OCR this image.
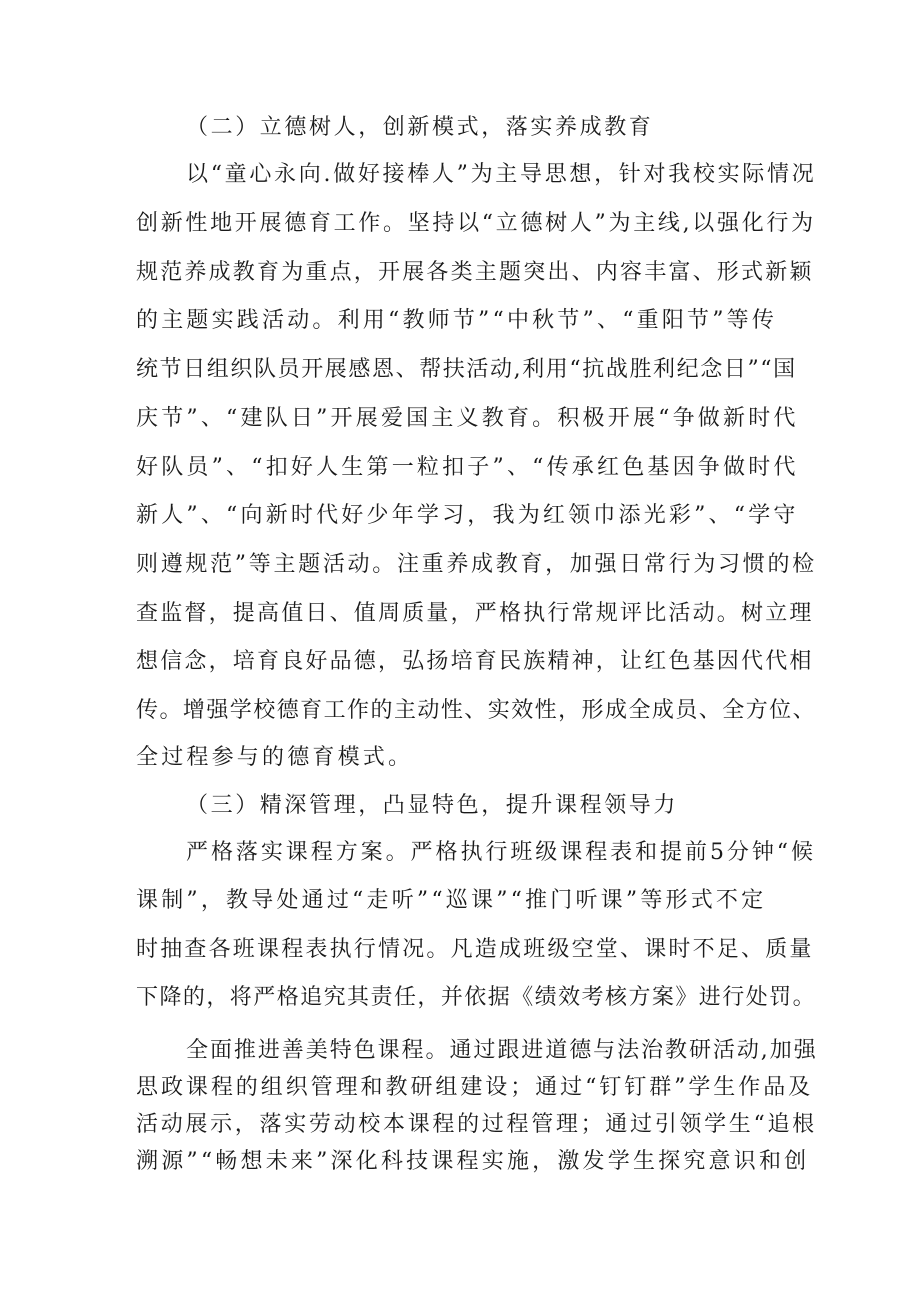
（二）立德树人，创新模式，落实养成教育
以“童心永向.做好接棒人”为主导思想，针对我校实际情况
创新性地开展德育工作。坚持以“立德树人”为主线,以强化行为
规范养成教育为重点，开展各类主题突出、内容丰富、形式新颖
的主题实践活动。利用“教师节”“中秋节”、“重阳节”等传
统节日组织队员开展感恩、帮扶活动,利用“抗战胜利纪念日”“国
庆节”、“建队日”开展爱国主义教育。积极开展“争做新时代
好队员”、“扣好人生第一粒扣子”、“传承红色基因争做时代
新人”、“向新时代好少年学习，我为红领巾添光彩”、“学守
则遵规范”等主题活动。注重养成教育，加强日常行为习惯的检
查监督，提高值日、值周质量，严格执行常规评比活动。树立理
想信念，培育良好品德，弘扬培育民族精神，让红色基因代代相
传。增强学校德育工作的主动性、实效性，形成全成员、全方位、
全过程参与的德育模式。
（三）精深管理，凸显特色，提升课程领导力
严格落实课程方案。严格执行班级课程表和提前5分钟“候
课制”，教导处通过“走听”“巡课”“推门听课”等形式不定
时抽查各班课程表执行情况。凡造成班级空堂、课时不足、质量
下降的，将严格追究其责任，并依据《绩效考核方案》进行处罚。
全面推进善美特色课程。通过跟进道德与法治教研活动,加强
思政课程的组织管理和教研组建设；通过“钉钉群”学生作品及
活动展示，落实劳动校本课程的过程管理；通过引领学生“追根
溯源”“畅想未来”深化科技课程实施，激发学生探究意识和创
